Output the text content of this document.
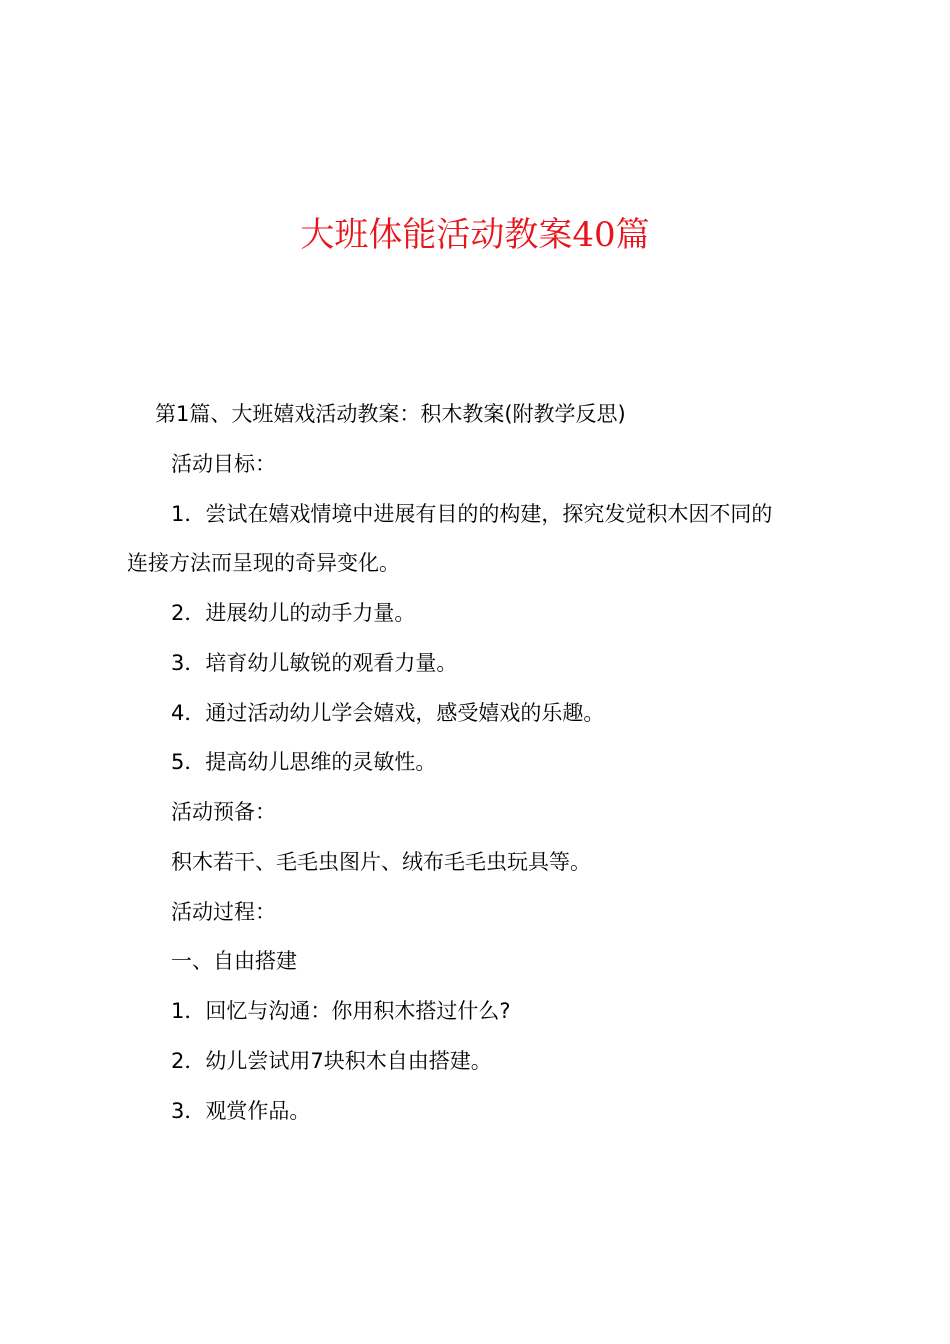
大班体能活动教案40篇
第1篇、大班嬉戏活动教案：积木教案(附教学反思)
活动目标：
1．尝试在嬉戏情境中进展有目的的构建，探究发觉积木因不同的
连接方法而呈现的奇异变化。
2．进展幼儿的动手力量。
3．培育幼儿敏锐的观看力量。
4．通过活动幼儿学会嬉戏，感受嬉戏的乐趣。
5．提高幼儿思维的灵敏性。
活动预备：
积木若干、毛毛虫图片、绒布毛毛虫玩具等。
活动过程：
一、自由搭建
1．回忆与沟通：你用积木搭过什么?
2．幼儿尝试用7块积木自由搭建。
3．观赏作品。
